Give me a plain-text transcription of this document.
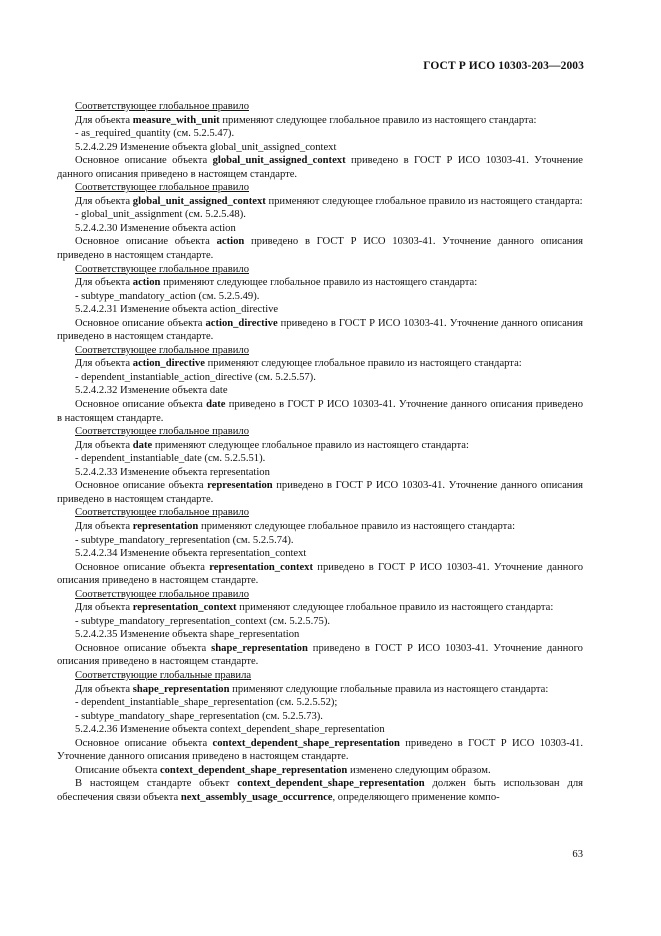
ГОСТ Р ИСО 10303-203—2003

Соответствующее глобальное правило

Для объекта measure_with_unit применяют следующее глобальное правило из настоящего стандарта:

- as_required_quantity (см. 5.2.5.47).

5.2.4.2.29 Изменение объекта global_unit_assigned_context

Основное описание объекта global_unit_assigned_context приведено в ГОСТ Р ИСО 10303-41. Уточнение данного описания приведено в настоящем стандарте.

Соответствующее глобальное правило

Для объекта global_unit_assigned_context применяют следующее глобальное правило из настоящего стандарта:

- global_unit_assignment (см. 5.2.5.48).

5.2.4.2.30 Изменение объекта action

Основное описание объекта action приведено в ГОСТ Р ИСО 10303-41. Уточнение данного описания приведено в настоящем стандарте.

Соответствующее глобальное правило

Для объекта action применяют следующее глобальное правило из настоящего стандарта:

- subtype_mandatory_action (см. 5.2.5.49).

5.2.4.2.31 Изменение объекта action_directive

Основное описание объекта action_directive приведено в ГОСТ Р ИСО 10303-41. Уточнение данного описания приведено в настоящем стандарте.

Соответствующее глобальное правило

Для объекта action_directive применяют следующее глобальное правило из настоящего стандарта:

- dependent_instantiable_action_directive (см. 5.2.5.57).

5.2.4.2.32 Изменение объекта date

Основное описание объекта date приведено в ГОСТ Р ИСО 10303-41. Уточнение данного описания приведено в настоящем стандарте.

Соответствующее глобальное правило

Для объекта date применяют следующее глобальное правило из настоящего стандарта:

- dependent_instantiable_date (см. 5.2.5.51).

5.2.4.2.33 Изменение объекта representation

Основное описание объекта representation приведено в ГОСТ Р ИСО 10303-41. Уточнение данного описания приведено в настоящем стандарте.

Соответствующее глобальное правило

Для объекта representation применяют следующее глобальное правило из настоящего стандарта:

- subtype_mandatory_representation (см. 5.2.5.74).

5.2.4.2.34 Изменение объекта representation_context

Основное описание объекта representation_context приведено в ГОСТ Р ИСО 10303-41. Уточнение данного описания приведено в настоящем стандарте.

Соответствующее глобальное правило

Для объекта representation_context применяют следующее глобальное правило из настоящего стандарта:

- subtype_mandatory_representation_context (см. 5.2.5.75).

5.2.4.2.35 Изменение объекта shape_representation

Основное описание объекта shape_representation приведено в ГОСТ Р ИСО 10303-41. Уточнение данного описания приведено в настоящем стандарте.

Соответствующие глобальные правила

Для объекта shape_representation применяют следующие глобальные правила из настоящего стандарта:

- dependent_instantiable_shape_representation (см. 5.2.5.52);

- subtype_mandatory_shape_representation (см. 5.2.5.73).

5.2.4.2.36 Изменение объекта context_dependent_shape_representation

Основное описание объекта context_dependent_shape_representation приведено в ГОСТ Р ИСО 10303-41. Уточнение данного описания приведено в настоящем стандарте.

Описание объекта context_dependent_shape_representation изменено следующим образом.

В настоящем стандарте объект context_dependent_shape_representation должен быть использован для обеспечения связи объекта next_assembly_usage_occurrence, определяющего применение компо-

63
